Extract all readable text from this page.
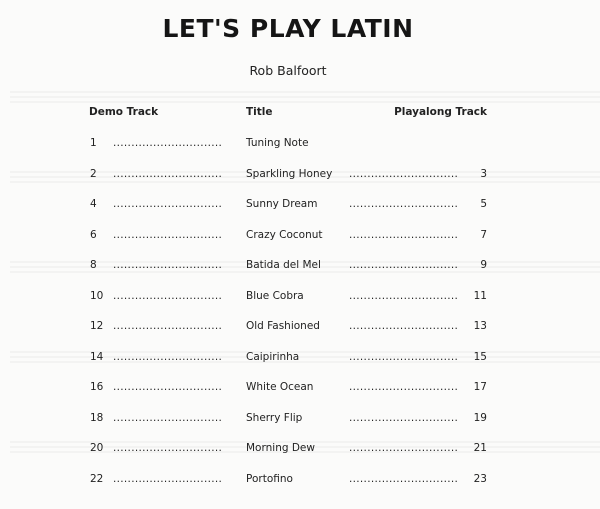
LET'S PLAY LATIN
Rob Balfoort
Demo Track	Title	Playalong Track
1 .............................. Tuning Note
2 .............................. Sparkling Honey .............................. 3
4 .............................. Sunny Dream	.............................. 5
6 .............................. Crazy Coconut	.............................. 7
8 .............................. Batida del Mel	.............................. 9
10 .............................. Blue Cobra	.............................. 11
12 .............................. Old Fashioned	.............................. 13
14 .............................. Caipirinha	.............................. 15
16 .............................. White Ocean	.............................. 17
18 .............................. Sherry Flip	.............................. 19
20 .............................. Morning Dew	.............................. 21
22 .............................. Portofino	.............................. 23
